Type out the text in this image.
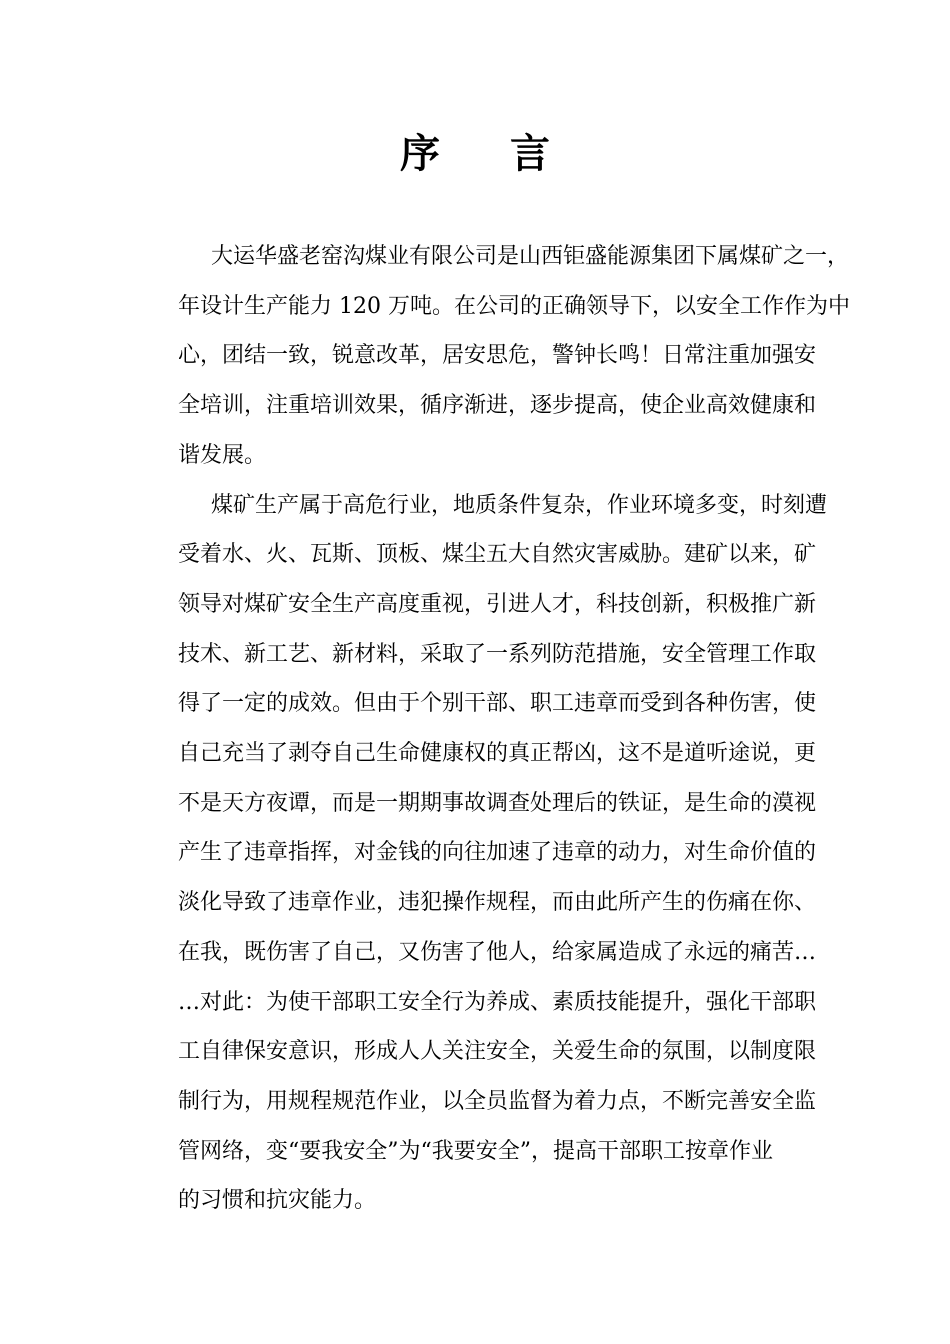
序 言
大运华盛老窑沟煤业有限公司是山西钜盛能源集团下属煤矿之一，
年设计生产能力 120 万吨。在公司的正确领导下，以安全工作作为中
心，团结一致，锐意改革，居安思危，警钟长鸣！日常注重加强安
全培训，注重培训效果，循序渐进，逐步提高，使企业高效健康和
谐发展。
煤矿生产属于高危行业，地质条件复杂，作业环境多变，时刻遭
受着水、火、瓦斯、顶板、煤尘五大自然灾害威胁。建矿以来，矿
领导对煤矿安全生产高度重视，引进人才，科技创新，积极推广新
技术、新工艺、新材料，采取了一系列防范措施，安全管理工作取
得了一定的成效。但由于个别干部、职工违章而受到各种伤害，使
自己充当了剥夺自己生命健康权的真正帮凶，这不是道听途说，更
不是天方夜谭，而是一期期事故调查处理后的铁证，是生命的漠视
产生了违章指挥，对金钱的向往加速了违章的动力，对生命价值的
淡化导致了违章作业，违犯操作规程，而由此所产生的伤痛在你、
在我，既伤害了自己，又伤害了他人，给家属造成了永远的痛苦…
…对此：为使干部职工安全行为养成、素质技能提升，强化干部职
工自律保安意识，形成人人关注安全，关爱生命的氛围，以制度限
制行为，用规程规范作业，以全员监督为着力点，不断完善安全监
管网络，变“要我安全”为“我要安全”，提高干部职工按章作业
的习惯和抗灾能力。
